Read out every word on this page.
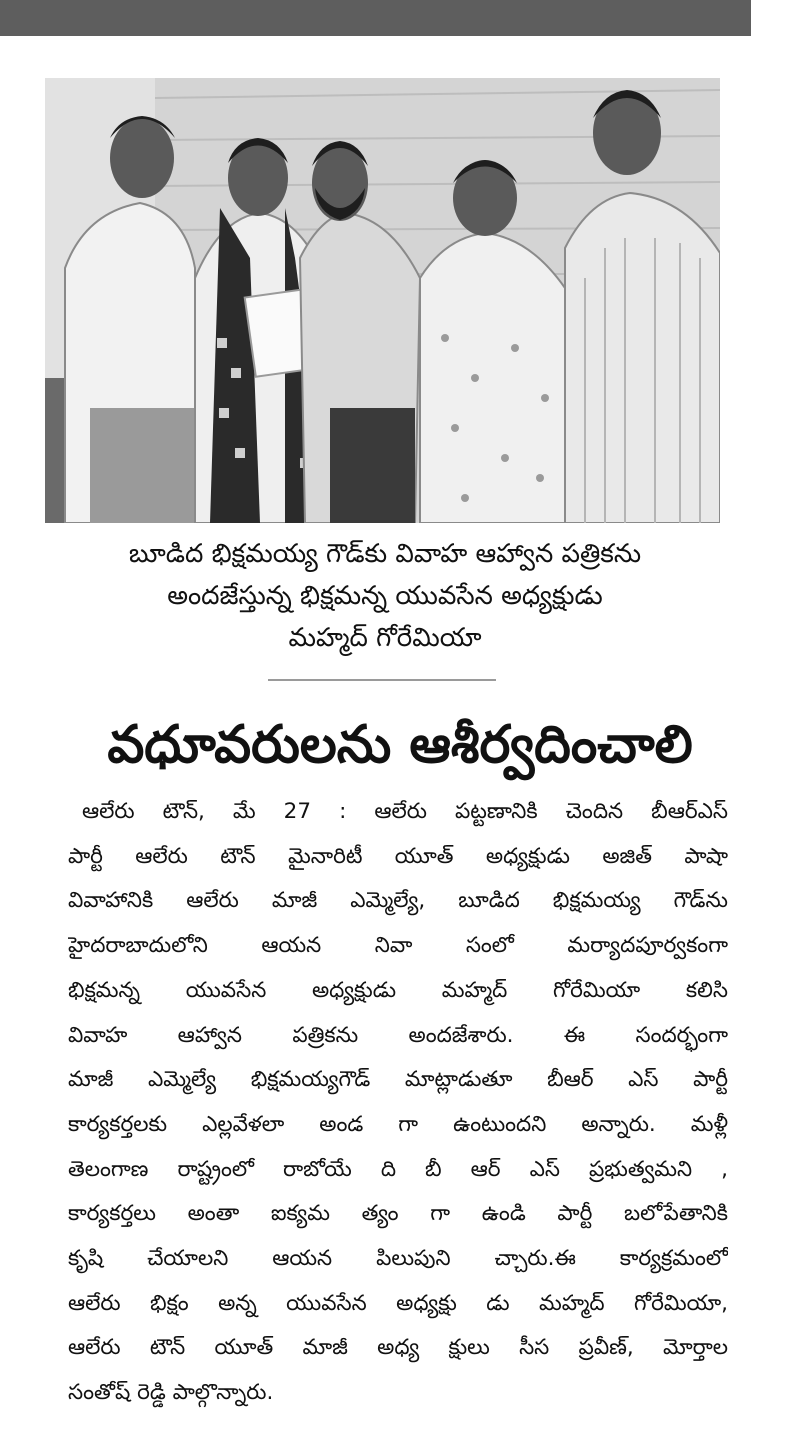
బూడిద భిక్షమయ్య గౌడ్‌కు వివాహ ఆహ్వాన పత్రికను
అందజేస్తున్న భిక్షమన్న యువసేన అధ్యక్షుడు
మహ్మద్ గోరేమియా
వధూవరులను ఆశీర్వదించాలి
ఆలేరు టౌన్, మే 27 : ఆలేరు పట్టణానికి చెందిన బీఆర్ఎస్
పార్టీ ఆలేరు టౌన్ మైనారిటీ యూత్ అధ్యక్షుడు అజిత్ పాషా
వివాహానికి ఆలేరు మాజీ ఎమ్మెల్యే, బూడిద భిక్షమయ్య గౌడ్‌ను
హైదరాబాదులోని ఆయన నివా సంలో మర్యాదపూర్వకంగా
భిక్షమన్న యువసేన అధ్యక్షుడు మహ్మద్ గోరేమియా కలిసి
వివాహ ఆహ్వాన పత్రికను అందజేశారు. ఈ సందర్భంగా
మాజీ ఎమ్మెల్యే భిక్షమయ్యగౌడ్ మాట్లాడుతూ బీఆర్ ఎస్ పార్టీ
కార్యకర్తలకు ఎల్లవేళలా అండ గా ఉంటుందని అన్నారు. మళ్లీ
తెలంగాణ రాష్ట్రంలో రాబోయే ది బీ ఆర్ ఎస్ ప్రభుత్వమని ,
కార్యకర్తలు అంతా ఐక్యమ త్యం గా ఉండి పార్టీ బలోపేతానికి
కృషి చేయాలని ఆయన పిలుపుని చ్చారు.ఈ కార్యక్రమంలో
ఆలేరు భిక్షం అన్న యువసేన అధ్యక్షు డు మహ్మద్ గోరేమియా,
ఆలేరు టౌన్ యూత్ మాజీ అధ్య క్షులు సీస ప్రవీణ్, మోర్తాల
సంతోష్ రెడ్డి పాల్గొన్నారు.
